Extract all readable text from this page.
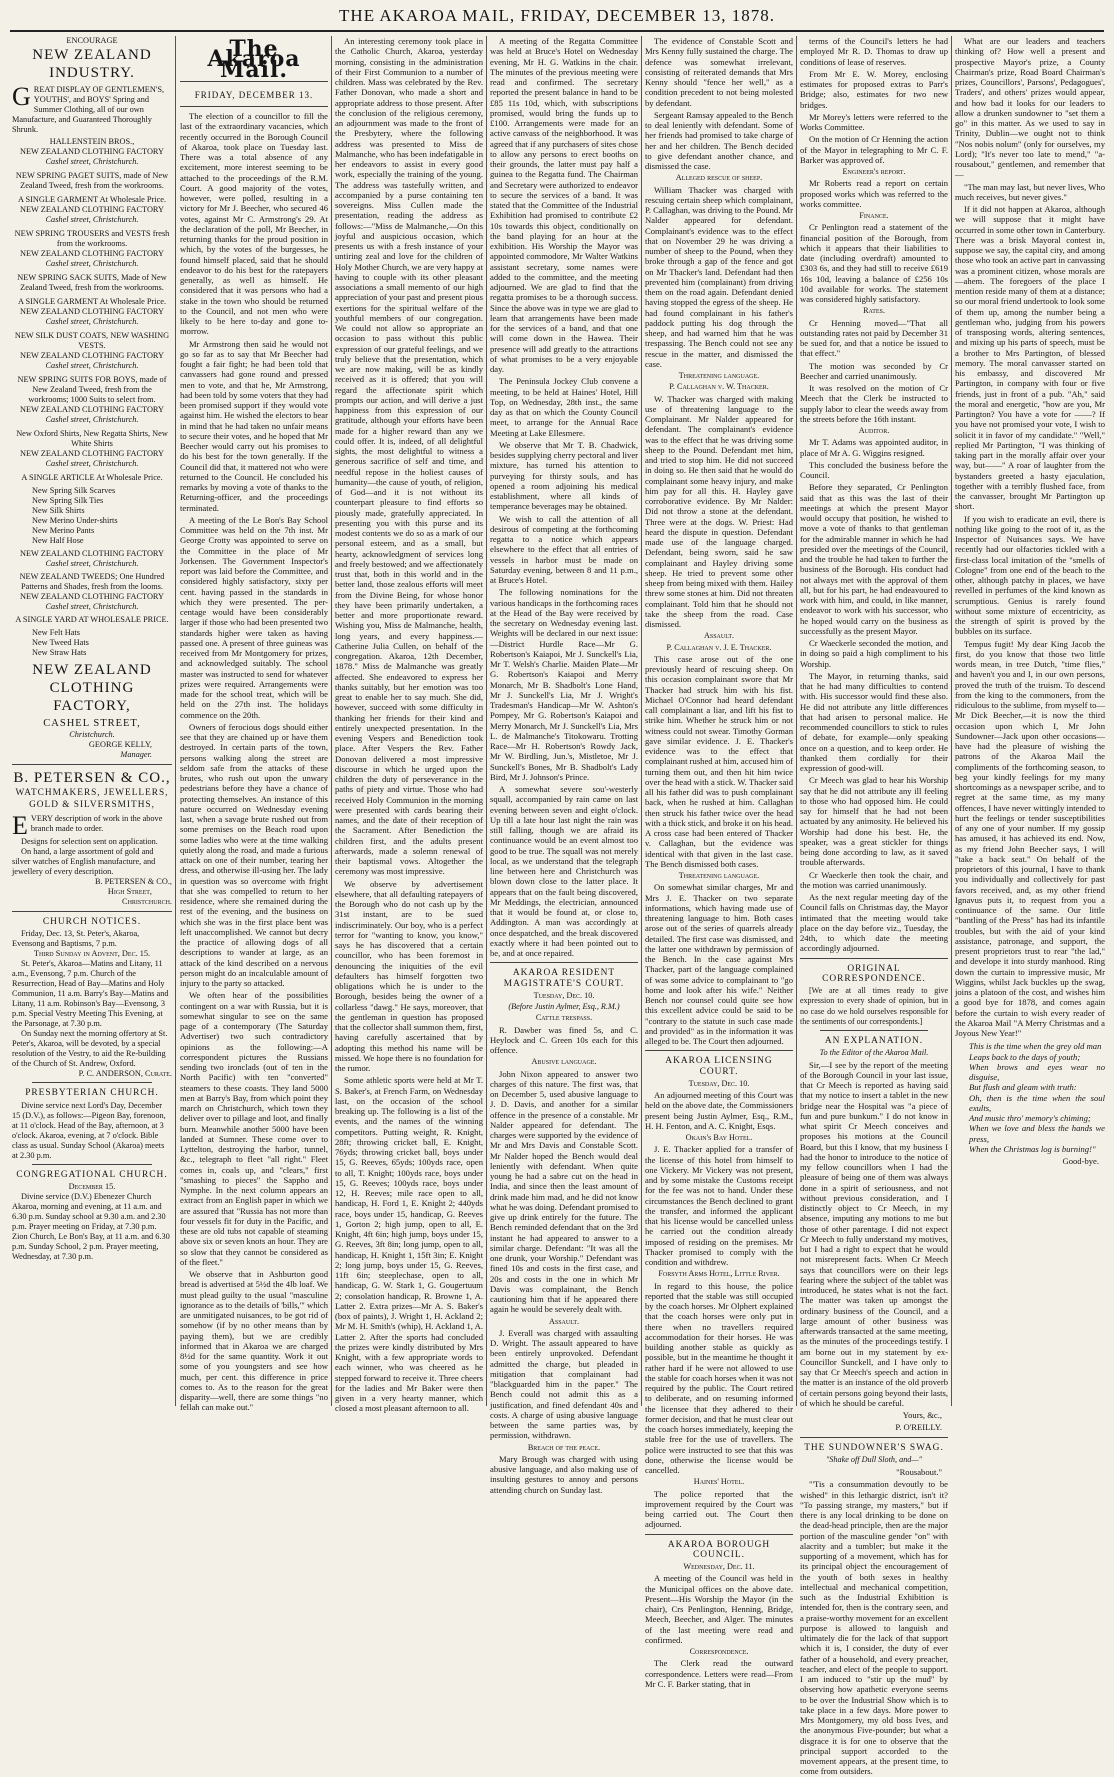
THE AKAROA MAIL, FRIDAY, DECEMBER 13, 1878.
ENCOURAGE
NEW ZEALAND INDUSTRY.
GREAT DISPLAY OF GENTLEMEN'S, YOUTHS', and BOYS' Spring and Summer Clothing, all of our own Manufacture, and Guaranteed Thoroughly Shrunk.
HALLENSTEIN BROS.,
NEW ZEALAND CLOTHING FACTORY
Cashel street, Christchurch.
NEW SPRING PAGET SUITS, made of New Zealand Tweed, fresh from the workrooms.
A SINGLE GARMENT At Wholesale Price.
NEW ZEALAND CLOTHING FACTORY
Cashel street, Christchurch.
NEW SPRING TROUSERS and VESTS fresh from the workrooms.
NEW ZEALAND CLOTHING FACTORY
Cashel street, Christchurch.
NEW SPRING SACK SUITS, Made of New Zealand Tweed, fresh from the workrooms.
A SINGLE GARMENT At Wholesale Price.
NEW ZEALAND CLOTHING FACTORY
Cashel street, Christchurch.
NEW SILK DUST COATS, NEW WASHING VESTS.
NEW ZEALAND CLOTHING FACTORY
Cashel street, Christchurch.
NEW SPRING SUITS FOR BOYS, made of New Zealand Tweed, fresh from the workrooms; 1000 Suits to select from.
NEW ZEALAND CLOTHING FACTORY
Cashel street, Christchurch.
New Oxford Shirts, New Regatta Shirts, New White Shirts
NEW ZEALAND CLOTHING FACTORY
Cashel street, Christchurch.
A SINGLE ARTICLE At Wholesale Price.
New Spring Silk Scarves
New Spring Silk Ties
New Silk Shirts
New Merino Under-shirts
New Merino Pants
New Half Hose
NEW ZEALAND CLOTHING FACTORY
Cashel street, Christchurch.
NEW ZEALAND TWEEDS; One Hundred Patterns and Shades, fresh from the looms.
NEW ZEALAND CLOTHING FACTORY
Cashel street, Christchurch.
A SINGLE YARD AT WHOLESALE PRICE.
New Felt Hats
New Tweed Hats
New Straw Hats
NEW ZEALAND
CLOTHING FACTORY,
CASHEL STREET,
Christchurch.
GEORGE KELLY,
Manager.
B. PETERSEN & CO.,
WATCHMAKERS, JEWELLERS, GOLD & SILVERSMITHS,
EVERY description of work in the above branch made to order.
Designs for selection sent on application.
On hand, a large assortment of gold and silver watches of English manufacture, and jewellery of every description.
B. PETERSEN & CO.,
High Street,
Christchurch.
CHURCH NOTICES.
Friday, Dec. 13, St. Peter's, Akaroa, Evensong and Baptisms, 7 p.m.
Third Sunday in Advent, Dec. 15.
St. Peter's, Akaroa—Matins and Litany, 11 a.m., Evensong, 7 p.m. Church of the Resurrection, Head of Bay—Matins and Holy Communion, 11 a.m. Barry's Bay—Matins and Litany, 11 a.m. Robinson's Bay—Evensong, 3 p.m. Special Vestry Meeting This Evening, at the Parsonage, at 7.30 p.m.
On Sunday next the morning offertory at St. Peter's, Akaroa, will be devoted, by a special resolution of the Vestry, to aid the Re-building of the Church of St. Andrew, Oxford.
P. C. ANDERSON, Curate.
PRESBYTERIAN CHURCH.
Divine service next Lord's Day, December 15 (D.V.), as follows:—Pigeon Bay, forenoon, at 11 o'clock. Head of the Bay, afternoon, at 3 o'clock. Akaroa, evening, at 7 o'clock. Bible class as usual. Sunday School (Akaroa) meets at 2.30 p.m.
CONGREGATIONAL CHURCH.
December 15.
Divine service (D.V.) Ebenezer Church Akaroa, morning and evening, at 11 a.m. and 6.30 p.m. Sunday school at 9.30 a.m. and 2.30 p.m. Prayer meeting on Friday, at 7.30 p.m. Zion Church, Le Bon's Bay, at 11 a.m. and 6.30 p.m. Sunday School, 2 p.m. Prayer meeting, Wednesday, at 7.30 p.m.
The Akaroa Mail.
FRIDAY, DECEMBER 13.

The election of a councillor to fill the last of the extraordinary vacancies, which recently occurred in the Borough Council of Akaroa, took place on Tuesday last. There was a total absence of any excitement, more interest seeming to be attached to the proceedings of the R.M. Court. A good majority of the votes, however, were polled, resulting in a victory for Mr J. Beecher, who secured 46 votes, against Mr C. Armstrong's 29. At the declaration of the poll, Mr Beecher, in returning thanks for the proud position in which, by the votes of the burgesses, he found himself placed, said that he should endeavor to do his best for the ratepayers generally, as well as himself. He considered that it was persons who had a stake in the town who should be returned to the Council, and not men who were likely to be here to-day and gone to-morrow.

Mr Armstrong then said he would not go so far as to say that Mr Beecher had fought a fair fight; he had been told that canvassers had gone round and pressed men to vote, and that he, Mr Armstrong, had been told by some voters that they had been promised support if they would vote against him. He wished the electors to bear in mind that he had taken no unfair means to secure their votes, and he hoped that Mr Beecher would carry out his promises to do his best for the town generally. If the Council did that, it mattered not who were returned to the Council. He concluded his remarks by moving a vote of thanks to the Returning-officer, and the proceedings terminated.

A meeting of the Le Bon's Bay School Committee was held on the 7th inst. Mr George Crotty was appointed to serve on the Committee in the place of Mr Jorkensen. The Government Inspector's report was laid before the Committee, and considered highly satisfactory, sixty per cent. having passed in the standards in which they were presented. The per-centage would have been considerably larger if those who had been presented two standards higher were taken as having passed one. A present of three guineas was received from Mr Montgomery for prizes, and acknowledged suitably. The school master was instructed to send for whatever prizes were required. Arrangements were made for the school treat, which will be held on the 27th inst. The holidays commence on the 20th.

Owners of ferocious dogs should either see that they are chained up or have them destroyed. In certain parts of the town, persons walking along the street are seldom safe from the attacks of these brutes, who rush out upon the unwary pedestrians before they have a chance of protecting themselves. An instance of this nature occurred on Wednesday evening last, when a savage brute rushed out from some premises on the Beach road upon some ladies who were at the time walking quietly along the road, and made a furious attack on one of their number, tearing her dress, and otherwise ill-using her. The lady in question was so overcome with fright that she was compelled to return to her residence, where she remained during the rest of the evening, and the business on which she was in the first place bent was left unaccomplished. We cannot but decry the practice of allowing dogs of all descriptions to wander at large, as an attack of the kind described on a nervous person might do an incalculable amount of injury to the party so attacked.

We often hear of the possibilities contingent on a war with Russia, but it is somewhat singular to see on the same page of a contemporary (The Saturday Advertiser) two such contradictory opinions as the following:—A correspondent pictures the Russians sending two ironclads (out of ten in the North Pacific) with ten "converted" steamers to these coasts. They land 5000 men at Barry's Bay, from which point they march on Christchurch, which town they deliver over to pillage and loot, and finally burn. Meanwhile another 5000 have been landed at Sumner. These come over to Lyttelton, destroying the harbor, tunnel, &c., telegraph to fleet "all right." Fleet comes in, coals up, and "clears," first "smashing to pieces" the Sappho and Nymphe. In the next column appears an extract from an English paper in which we are assured that "Russia has not more than four vessels fit for duty in the Pacific, and these are old tubs not capable of steaming above six or seven knots an hour. They are so slow that they cannot be considered as of the fleet."

We observe that in Ashburton good bread is advertised at 5½d the 4lb loaf. We must plead guilty to the usual "masculine ignorance as to the details of 'bills,'" which are unmitigated nuisances, to be got rid of somehow (if by no other means than by paying them), but we are credibly informed that in Akaroa we are charged 8½d for the same quantity. Work it out some of you youngsters and see how much, per cent. this difference in price comes to. As to the reason for the great disparity—well, there are some things "no fellah can make out."

An interesting ceremony took place in the Catholic Church, Akaroa, yesterday morning, consisting in the administration of their First Communion to a number of children. Mass was celebrated by the Rev. Father Donovan, who made a short and appropriate address to those present. After the conclusion of the religious ceremony, an adjournment was made to the front of the Presbytery, where the following address was presented to Miss de Malmanche, who has been indefatigable in her endeavors to assist in every good work, especially the training of the young. The address was tastefully written, and accompanied by a purse containing ten sovereigns. Miss Cullen made the presentation, reading the address as follows:—"Miss de Malmanche,—On this joyful and auspicious occasion, which presents us with a fresh instance of your untiring zeal and love for the children of Holy Mother Church, we are very happy at having to couple with its other pleasant associations a small memento of our high appreciation of your past and present pious exertions for the spiritual welfare of the youthful members of our congregation. We could not allow so appropriate an occasion to pass without this public expression of our grateful feelings, and we truly believe that the presentation, which we are now making, will be as kindly received as it is offered; that you will regard the affectionate spirit which prompts our action, and will derive a just happiness from this expression of our gratitude, although your efforts have been made for a higher reward than any we could offer. It is, indeed, of all delightful sights, the most delightful to witness a generous sacrifice of self and time, and needful repose in the holiest causes of humanity—the cause of youth, of religion, of God—and it is not without its counterpart pleasure to find efforts so piously made, gratefully appreciated. In presenting you with this purse and its modest contents we do so as a mark of our personal esteem, and as a small, but hearty, acknowledgment of services long and freely bestowed; and we affectionately trust that, both in this world and in the better land, those zealous efforts will meet from the Divine Being, for whose honor they have been primarily undertaken, a better and more proportionate reward. Wishing you, Miss de Malmanche, health, long years, and every happiness.—Catherine Julia Cullen, on behalf of the congregation. Akaroa, 12th December, 1878." Miss de Malmanche was greatly affected. She endeavored to express her thanks suitably, but her emotion was too great to enable her to say much. She did, however, succeed with some difficulty in thanking her friends for their kind and entirely unexpected presentation. In the evening Vespers and Benediction took place. After Vespers the Rev. Father Donovan delivered a most impressive discourse in which he urged upon the children the duty of perseverance in the paths of piety and virtue. Those who had received Holy Communion in the morning were presented with cards bearing their names, and the date of their reception of the Sacrament. After Benediction the children first, and the adults present afterwards, made a solemn renewal of their baptismal vows. Altogether the ceremony was most impressive.

We observe by advertisement elsewhere, that all defaulting ratepayers of the Borough who do not cash up by the 31st instant, are to be sued indiscriminately. Our boy, who is a perfect terror for "wanting to know, you know," says he has discovered that a certain councillor, who has been foremost in denouncing the iniquities of the evil defaulters has himself forgotten two obligations which he is under to the Borough, besides being the owner of a collarless "dawg." He says, moreover, that the gentleman in question has proposed that the collector shall summon them, first, having carefully ascertained that by adopting this method his name will be missed. We hope there is no foundation for the rumor.

Some athletic sports were held at Mr T. S. Baker's, at French Farm, on Wednesday last, on the occasion of the school breaking up. The following is a list of the events, and the names of the winning competitors. Putting weight, R. Knight, 28ft; throwing cricket ball, E. Knight, 76yds; throwing cricket ball, boys under 15, G. Reeves, 65yds; 100yds race, open to all, T. Knight; 100yds race, boys under 15, G. Reeves; 100yds race, boys under 12, H. Reeves; mile race open to all, handicap, H. Ford 1, E. Knight 2; 440yds race, boys under 15, handicap, G. Reeves 1, Gorton 2; high jump, open to all, E. Knight, 4ft 6in; high jump, boys under 15, G. Reeves, 3ft 8in; long jump, open to all, handicap, H. Knight 1, 15ft 3in; E. Knight 2; long jump, boys under 15, G. Reeves, 11ft 6in; steeplechase, open to all, handicap, G. W. Stark 1, G. Gougertuum 2; consolation handicap, R. Browne 1, A. Latter 2. Extra prizes—Mr A. S. Baker's (box of paints), J. Wright 1, H. Ackland 2; Mr M. H. Smith's (whip), H. Ackland 1, A. Latter 2. After the sports had concluded the prizes were kindly distributed by Mrs Knight, with a few appropriate words to each winner, who was cheered as he stepped forward to receive it. Three cheers for the ladies and Mr Baker were then given in a very hearty manner, which closed a most pleasant afternoon to all.

A meeting of the Regatta Committee was held at Bruce's Hotel on Wednesday evening, Mr H. G. Watkins in the chair. The minutes of the previous meeting were read and confirmed. The secretary reported the present balance in hand to be £85 11s 10d, which, with subscriptions promised, would bring the funds up to £100. Arrangements were made for an active canvass of the neighborhood. It was agreed that if any purchasers of sites chose to allow any persons to erect booths on their grounds, the latter must pay half a guinea to the Regatta fund. The Chairman and Secretary were authorized to endeavor to secure the services of a band. It was stated that the Committee of the Industrial Exhibition had promised to contribute £2 10s towards this object, conditionally on the band playing for an hour at the exhibition. His Worship the Mayor was appointed commodore, Mr Walter Watkins assistant secretary, some names were added to the committee, and the meeting adjourned. We are glad to find that the regatta promises to be a thorough success. Since the above was in type we are glad to learn that arrangements have been made for the services of a band, and that one will come down in the Hawea. Their presence will add greatly to the attractions of what promises to be a very enjoyable day.

The Peninsula Jockey Club convene a meeting, to be held at Haines' Hotel, Hill Top, on Wednesday, 28th inst., the same day as that on which the County Council meet, to arrange for the Annual Race Meeting at Lake Ellesmere.

We observe that Mr T. B. Chadwick, besides supplying cherry pectoral and liver mixture, has turned his attention to purveying for thirsty souls, and has opened a room adjoining his medical establishment, where all kinds of temperance beverages may be obtained.

We wish to call the attention of all desirous of competing at the forthcoming regatta to a notice which appears elsewhere to the effect that all entries of vessels in harbor must be made on Saturday evening, between 8 and 11 p.m., at Bruce's Hotel.

The following nominations for the various handicaps in the forthcoming races at the Head of the Bay were received by the secretary on Wednesday evening last. Weights will be declared in our next issue:—District Hurdle Race—Mr G. Robertson's Kaiapoi, Mr J. Sunckell's Lia, Mr T. Welsh's Charlie. Maiden Plate—Mr G. Robertson's Kaiapoi and Merry Monarch, Mr B. Shadbolt's Lone Hand, Mr J. Sunckell's Lia, Mr J. Wright's Tradesman's Handicap—Mr W. Ashton's Pompey, Mr G. Robertson's Kaiapoi and Merry Monarch, Mr J. Sunckell's Lia, Mrs L. de Malmanche's Titokowaru. Trotting Race—Mr H. Robertson's Rowdy Jack, Mr W. Birdling, Jun.'s, Mistletoe, Mr J. Sunckell's Bones, Mr B. Shadbolt's Lady Bird, Mr J. Johnson's Prince.

A somewhat severe sou'-westerly squall, accompanied by rain came on last evening between seven and eight o'clock. Up till a late hour last night the rain was still falling, though we are afraid its continuance would be an event almost too good to be true. The squall was not merely local, as we understand that the telegraph line between here and Christchurch was blown down close to the latter place. It appears that on the fault being discovered, Mr Meddings, the electrician, announced that it would be found at, or close to, Addington. A man was accordingly at once despatched, and the break discovered exactly where it had been pointed out to be, and at once repaired.

AKAROA RESIDENT MAGISTRATE'S COURT.
Tuesday, Dec. 10.
(Before Justin Aylmer, Esq., R.M.)
Cattle trespass.

R. Dawber was fined 5s, and C. Heylock and C. Green 10s each for this offence.

Abusive language.

John Nixon appeared to answer two charges of this nature. The first was, that on December 5, used abusive language to J. D. Davis, and another for a similar offence in the presence of a constable. Mr Nalder appeared for defendant. The charges were supported by the evidence of Mr and Mrs Davis and Constable Scott. Mr Nalder hoped the Bench would deal leniently with defendant. When quite young he had a sabre cut on the head in India, and since then the least amount of drink made him mad, and he did not know what he was doing. Defendant promised to give up drink entirely for the future. The Bench reminded defendant that on the 3rd instant he had appeared to answer to a similar charge. Defendant: "It was all the one drunk, your Worship." Defendant was fined 10s and costs in the first case, and 20s and costs in the one in which Mr Davis was complainant, the Bench cautioning him that if he appeared there again he would be severely dealt with.

Assault.

J. Everall was charged with assaulting D. Wright. The assault appeared to have been entirely unprovoked. Defendant admitted the charge, but pleaded in mitigation that complainant had "blackguarded him in the paper." The Bench could not admit this as a justification, and fined defendant 40s and costs. A charge of using abusive language between the same parties was, by permission, withdrawn.

Breach of the peace.

Mary Brough was charged with using abusive language, and also making use of insulting gestures to annoy and persons attending church on Sunday last.

The evidence of Constable Scott and Mrs Kenny fully sustained the charge. The defence was somewhat irrelevant, consisting of reiterated demands that Mrs Kenny should "fence her well," as a condition precedent to not being molested by defendant.

Sergeant Ramsay appealed to the Bench to deal leniently with defendant. Some of her friends had promised to take charge of her and her children. The Bench decided to give defendant another chance, and dismissed the case.

Alleged rescue of sheep.

William Thacker was charged with rescuing certain sheep which complainant, P. Callaghan, was driving to the Pound. Mr Nalder appeared for defendant. Complainant's evidence was to the effect that on November 29 he was driving a number of sheep to the Pound, when they broke through a gap of the fence and got on Mr Thacker's land. Defendant had then prevented him (complainant) from driving them on the road again. Defendant denied having stopped the egress of the sheep. He had found complainant in his father's paddock putting his dog through the sheep, and had warned him that he was trespassing. The Bench could not see any rescue in the matter, and dismissed the case.

Threatening language.
P. Callaghan v. W. Thacker.

W. Thacker was charged with making use of threatening language to the Complainant. Mr Nalder appeared for defendant. The complainant's evidence was to the effect that he was driving some sheep to the Pound. Defendant met him, and tried to stop him. He did not succeed in doing so. He then said that he would do complainant some heavy injury, and make him pay for all this. H. Hayley gave corroborative evidence. By Mr Nalder: Did not throw a stone at the defendant. Three were at the dogs. W. Priest: Had heard the dispute in question. Defendant made use of the language charged. Defendant, being sworn, said he saw complainant and Hayley driving some sheep. He tried to prevent some other sheep from being mixed with them. Hailey threw some stones at him. Did not threaten complainant. Told him that he should not take the sheep from the road. Case dismissed.

Assault.
P. Callaghan v. J. E. Thacker.

This case arose out of the one previously heard of rescuing sheep. On this occasion complainant swore that Mr Thacker had struck him with his fist. Michael O'Connor had heard defendant call complainant a liar, and lift his fist to strike him. Whether he struck him or not witness could not swear. Timothy Gorman gave similar evidence. J. E. Thacker's evidence was to the effect that complainant rushed at him, accused him of turning them out, and then hit him twice over the head with a stick. W. Thacker said all his father did was to push complainant back, when he rushed at him. Callaghan then struck his father twice over the head with a thick stick, and broke it on his head. A cross case had been entered of Thacker v. Callaghan, but the evidence was identical with that given in the last case. The Bench dismissed both cases.

Threatening language.

On somewhat similar charges, Mr and Mrs J. E. Thacker on two separate informations, which having made use of threatening language to him. Both cases arose out of the series of quarrels already detailed. The first case was dismissed, and the latter one withdrawn by permission of the Bench. In the case against Mrs Thacker, part of the language complained of was some advice to complainant to "go home and look after his wife." Neither Bench nor counsel could quite see how this excellent advice could be said to be "contrary to the statute in such case made and provided" as in the information it was alleged to be. The Court then adjourned.

AKAROA LICENSING COURT.
Tuesday, Dec. 10.

An adjourned meeting of this Court was held on the above date, the Commissioners present being Justin Aylmer, Esq., R.M., H. H. Fenton, and A. C. Knight, Esqs.

Okain's Bay Hotel.

J. E. Thacker applied for a transfer of the license of this hotel from himself to one Vickery. Mr Vickery was not present, and by some mistake the Customs receipt for the fee was not to hand. Under these circumstances the Bench declined to grant the transfer, and informed the applicant that his license would be cancelled unless he carried out the condition already imposed of residing on the premises. Mr Thacker promised to comply with the condition and withdrew.

Forsyth Arms Hotel, Little River.

In regard to this house, the police reported that the stable was still occupied by the coach horses. Mr Olphert explained that the coach horses were only put in there when no travellers required accommodation for their horses. He was building another stable as quickly as possible, but in the meantime he thought it rather hard if he were not allowed to use the stable for coach horses when it was not required by the public. The Court retired to deliberate, and on resuming informed the licensee that they adhered to their former decision, and that he must clear out the coach horses immediately, keeping the stable free for the use of travellers. The police were instructed to see that this was done, otherwise the license would be cancelled.

Haines' Hotel.

The police reported that the improvement required by the Court was being carried out. The Court then adjourned.

AKAROA BOROUGH COUNCIL.
Wednesday, Dec. 11.

A meeting of the Council was held in the Municipal offices on the above date. Present—His Worship the Mayor (in the chair), Crs Penlington, Henning, Bridge, Meech, Beecher, and Alger. The minutes of the last meeting were read and confirmed.

Correspondence.

The Clerk read the outward correspondence. Letters were read—From Mr C. F. Barker stating, that in

terms of the Council's letters he had employed Mr R. D. Thomas to draw up conditions of lease of reserves.

From Mr E. W. Morey, enclosing estimates for proposed extras to Parr's Bridge; also, estimates for two new bridges.

Mr Morey's letters were referred to the Works Committee.

On the motion of Cr Henning the action of the Mayor in telegraphing to Mr C. F. Barker was approved of.

Engineer's report.

Mr Roberts read a report on certain proposed works which was referred to the works committee.

Finance.

Cr Penlington read a statement of the financial position of the Borough, from which it appears that their liabilities to date (including overdraft) amounted to £303 6s, and they had still to receive £619 16s 10d, leaving a balance of £256 10s 10d available for works. The statement was considered highly satisfactory.

Rates.

Cr Henning moved—"That all outstanding rates not paid by December 31 be sued for, and that a notice be issued to that effect."

The motion was seconded by Cr Beecher and carried unanimously.

It was resolved on the motion of Cr Meech that the Clerk be instructed to supply labor to clear the weeds away from the streets before the 16th instant.

Auditor.

Mr T. Adams was appointed auditor, in place of Mr A. G. Wiggins resigned.

This concluded the business before the Council.

Before they separated, Cr Penlington said that as this was the last of their meetings at which the present Mayor would occupy that position, he wished to move a vote of thanks to that gentleman for the admirable manner in which he had presided over the meetings of the Council, and the trouble he had taken to further the business of the Borough. His conduct had not always met with the approval of them all, but for his part, he had endeavoured to work with him, and could, in like manner, endeavor to work with his successor, who he hoped would carry on the business as successfully as the present Mayor.

Cr Waeckerle seconded the motion, and in doing so paid a high compliment to his Worship.

The Mayor, in returning thanks, said that he had many difficulties to contend with. His successor would find these also. He did not attribute any little differences that had arisen to personal malice. He recommended councillors to stick to rules of debate, for example—only speaking once on a question, and to keep order. He thanked them cordially for their expression of good-will.

Cr Meech was glad to hear his Worship say that he did not attribute any ill feeling to those who had opposed him. He could say for himself that he had not been actuated by any animosity. He believed his Worship had done his best. He, the speaker, was a great stickler for things being done according to law, as it saved trouble afterwards.

Cr Waeckerle then took the chair, and the motion was carried unanimously.

As the next regular meeting day of the Council falls on Christmas day, the Mayor intimated that the meeting would take place on the day before viz., Tuesday, the 24th, to which date the meeting accordingly adjourned.

ORIGINAL CORRESPONDENCE.

[We are at all times ready to give expression to every shade of opinion, but in no case do we hold ourselves responsible for the sentiments of our correspondents.]

AN EXPLANATION.
To the Editor of the Akaroa Mail.

Sir,—I see by the report of the meeting of the Borough Council in your last issue, that Cr Meech is reported as having said that my notice to insert a tablet in the new bridge near the Hospital was "a piece of fun and pure bunkum." I do not know in what spirit Cr Meech conceives and proposes his motions at the Council Board, but this I know, that my business I had the honor to introduce to the notice of my fellow councillors when I had the pleasure of being one of them was always done in a spirit of seriousness, and not without previous consideration, and I distinctly object to Cr Meech, in my absence, imputing any motions to me but those of other parentage. I did not expect Cr Meech to fully understand my motives, but I had a right to expect that he would not misrepresent facts. When Cr Meech says that councillors were on their legs fearing where the subject of the tablet was introduced, he states what is not the fact. The matter was taken up amongst the ordinary business of the Council, and a large amount of other business was afterwards transacted at the same meeting, as the minutes of the proceedings testify. I am borne out in my statement by ex-Councillor Sunckell, and I have only to say that Cr Meech's speech and action in the matter is an instance of the old proverb of certain persons going beyond their lasts, of which he should be careful.

Yours, &c.,
P. O'REILLY.
THE SUNDOWNER'S SWAG.
"Shake off Dull Sloth, and—"
"Rousabout."

"'Tis a consummation devoutly to be wished" in this lethargic district, isn't it? "To passing strange, my masters," but if there is any local drinking to be done on the dead-head principle, then are the major portion of the masculine gender "on" with alacrity and a tumbler; but make it the supporting of a movement, which has for its principal object the encouragement of the youth of both sexes in healthy intellectual and mechanical competition, such as the Industrial Exhibition is intended for, then is the contrary seen, and a praise-worthy movement for an excellent purpose is allowed to languish and ultimately die for the lack of that support which it is, I consider, the duty of ever father of a household, and every preacher, teacher, and elect of the people to support. I am induced to "stir up the mud" by observing how apathetic everyone seems to be over the Industrial Show which is to take place in a few days. More power to Mrs Montgomery, my old boss Ives, and the anonymous Five-pounder; but what a disgrace it is for one to observe that the principal support accorded to the movement appears, at the present time, to come from outsiders.

What are our leaders and teachers thinking of? How well a present and prospective Mayor's prize, a County Chairman's prize, Road Board Chairman's prizes, Councillors', Parsons', Pedagogues', Traders', and others' prizes would appear, and how bad it looks for our leaders to allow a drunken sundowner to "set them a go" in this matter. As we used to say in Trinity, Dublin—we ought not to think "Nos nobis nolum" (only for ourselves, my Lord); "It's never too late to mend," "a-rousabout," gentlemen, and remember that—

"The man may last, but never lives, Who much receives, but never gives."

If it did not happen at Akaroa, although we will suppose that it might have occurred in some other town in Canterbury. There was a brisk Mayoral contest in, suppose we say, the capital city, and among those who took an active part in canvassing was a prominent citizen, whose morals are—ahem. The foregoers of the place I mention reside many of them at a distance; so our moral friend undertook to look some of them up, among the number being a gentleman who, judging from his powers of transposing words, altering sentences, and mixing up his parts of speech, must be a brother to Mrs Partington, of blessed memory. The moral canvasser started on his embassy, and discovered Mr Partington, in company with four or five friends, just in front of a pub. "Ah," said the moral and energetic, "how are you, Mr Partington? You have a vote for ——? If you have not promised your vote, I wish to solicit it in favor of my candidate." "Well," replied Mr Partington, "I was thinking of taking part in the morally affair over your way, but——" A roar of laughter from the bystanders greeted a hasty ejaculation, together with a terribly flushed face, from the canvasser, brought Mr Partington up short.

If you wish to eradicate an evil, there is nothing like going to the root of it, as the Inspector of Nuisances says. We have recently had our olfactories tickled with a first-class local imitation of the "smells of Cologne" from one end of the beach to the other, although patchy in places, we have revelled in perfumes of the kind known as scrumptious. Genius is rarely found without some mixture of eccentricity, as the strength of spirit is proved by the bubbles on its surface.

Tempus fugit! My dear King Jacob the first, do you know that those two little words mean, in tree Dutch, "time flies," and haven't you and I, in our own persons, proved the truth of the truism. To descend from the king to the commoners, from the ridiculous to the sublime, from myself to—Mr Dick Beecher,—it is now the third occasion upon which I, Mr John Sundowner—Jack upon other occasions—have had the pleasure of wishing the patrons of the Akaroa Mail the compliments of the forthcoming season, to beg your kindly feelings for my many shortcomings as a newspaper scribe, and to regret at the same time, as my many offences, I have never wittingly intended to hurt the feelings or tender susceptibilities of any one of your number. If my gossip has amused, it has achieved its end. Now, as my friend John Beecher says, I will "take a back seat." On behalf of the proprietors of this journal, I have to thank you individually and collectively for past favors received, and, as my other friend Ignavus puts it, to request from you a continuance of the same. Our little "bantling of the Press" has had its infantile troubles, but with the aid of your kind assistance, patronage, and support, the present proprietors trust to rear "the lad," and develope it into sturdy manhood. Ring down the curtain to impressive music, Mr Wiggins, whilst Jack buckles up the swag, joins a platoon of the cost, and wishes him a good bye for 1878, and comes again before the curtain to wish every reader of the Akaroa Mail "A Merry Christmas and a Joyous New Year!"

This is the time when the grey old man
Leaps back to the days of youth;
When brows and eyes wear no disguise,
But flush and gleam with truth:
Oh, then is the time when the soul exults,
And music thro' memory's chiming;
When we love and bless the hands we press,
When the Christmas log is burning!"
Good-bye.
